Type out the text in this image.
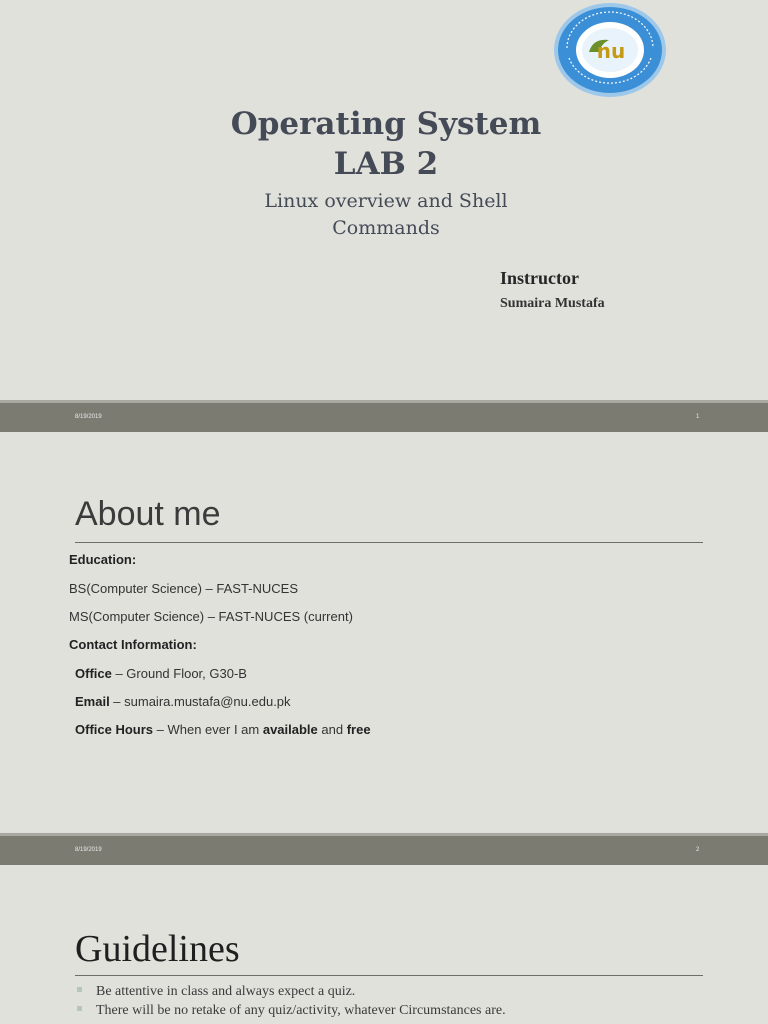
nu
Operating System
LAB 2
Linux overview and Shell
Commands
Instructor
Sumaira Mustafa
8/19/2019	1
About me
Education:
BS(Computer Science) – FAST-NUCES
MS(Computer Science) – FAST-NUCES (current)
Contact Information:
Office – Ground Floor, G30-B
Email – sumaira.mustafa@nu.edu.pk
Office Hours – When ever I am available and free
8/19/2019	2
Guidelines
Be attentive in class and always expect a quiz.
There will be no retake of any quiz/activity, whatever Circumstances are.
